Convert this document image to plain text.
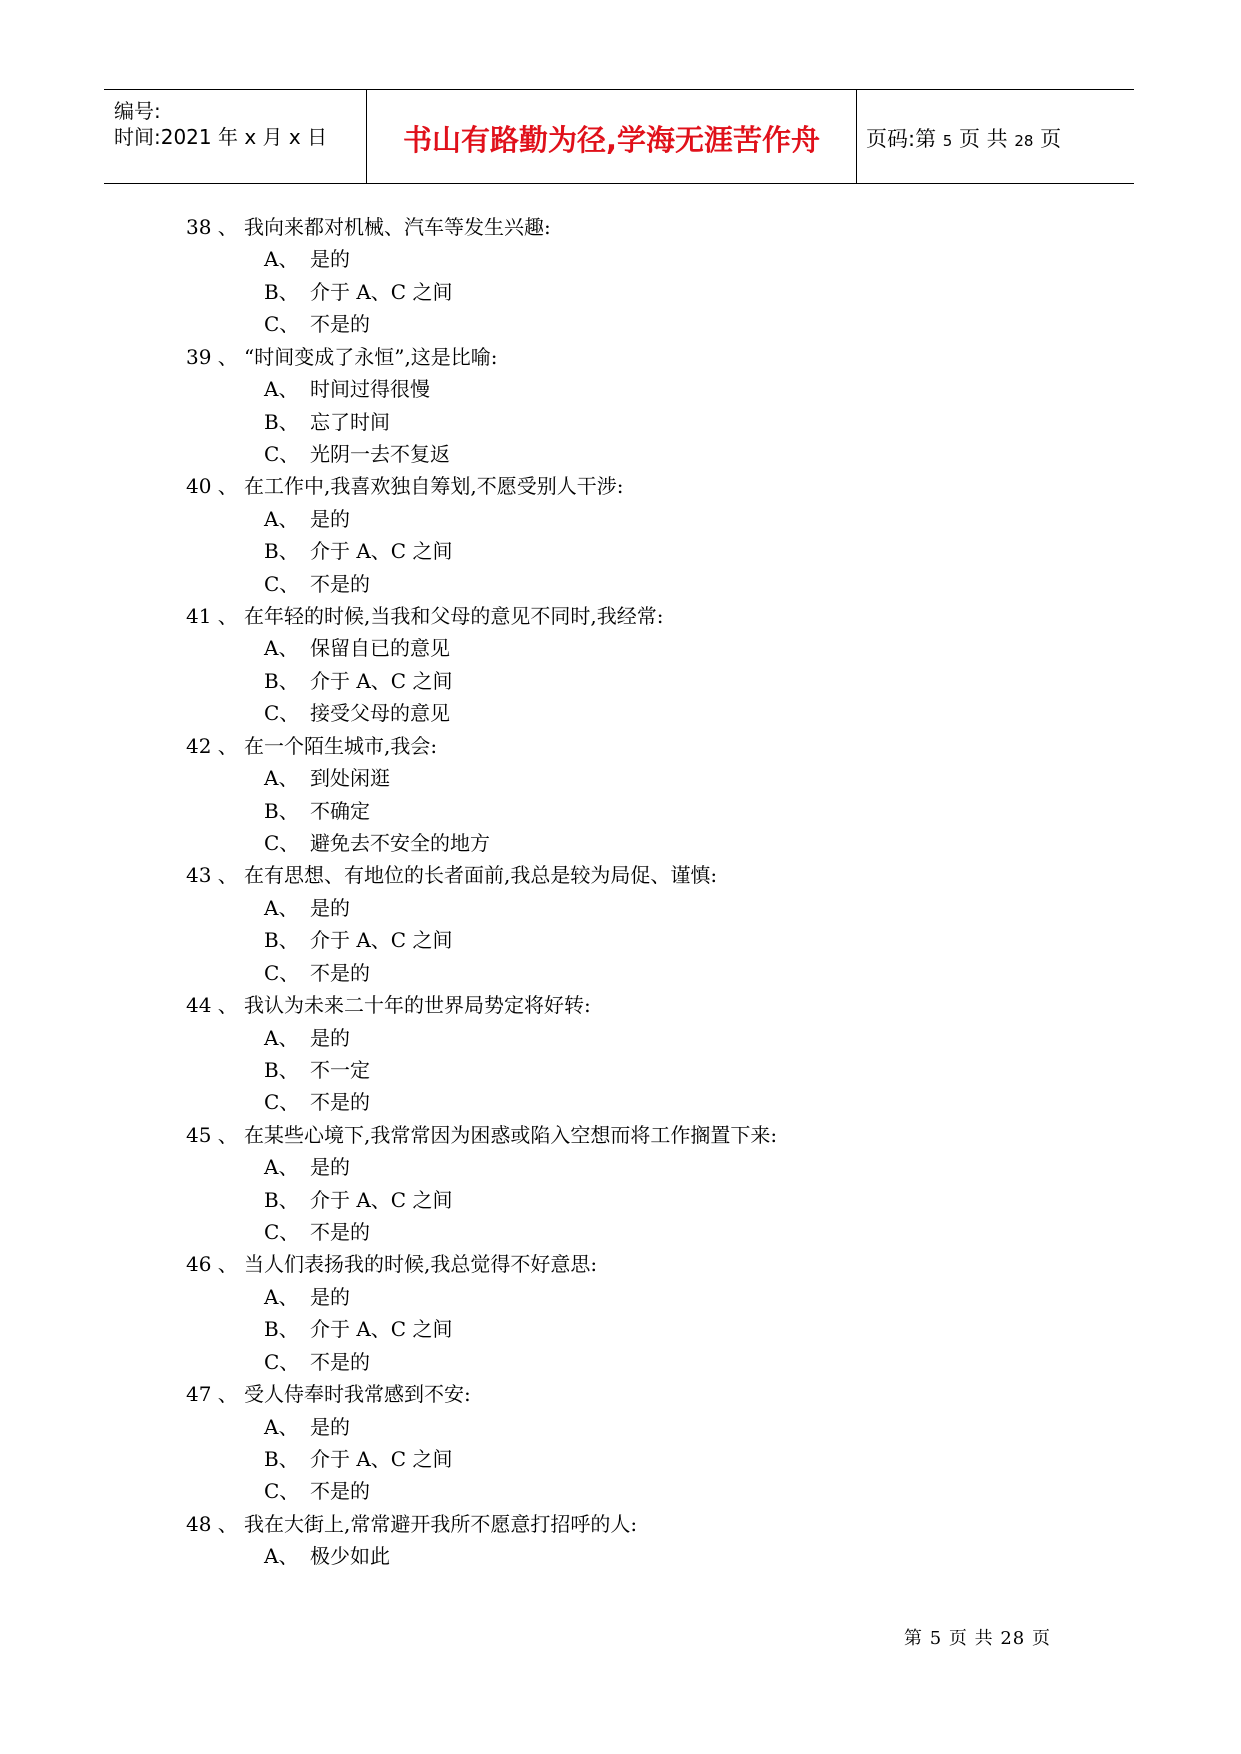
编号:
时间:2021 年 x 月 x 日	书山有路勤为径,学海无涯苦作舟	页码:第 5 页 共 28 页
38 、 我向来都对机械、汽车等发生兴趣:
A、 是的
B、 介于 A、C 之间
C、 不是的
39 、 “时间变成了永恒”,这是比喻:
A、 时间过得很慢
B、 忘了时间
C、 光阴一去不复返
40 、 在工作中,我喜欢独自筹划,不愿受别人干涉:
A、 是的
B、 介于 A、C 之间
C、 不是的
41 、 在年轻的时候,当我和父母的意见不同时,我经常:
A、 保留自已的意见
B、 介于 A、C 之间
C、 接受父母的意见
42 、 在一个陌生城市,我会:
A、 到处闲逛
B、 不确定
C、 避免去不安全的地方
43 、 在有思想、有地位的长者面前,我总是较为局促、谨慎:
A、 是的
B、 介于 A、C 之间
C、 不是的
44 、 我认为未来二十年的世界局势定将好转:
A、 是的
B、 不一定
C、 不是的
45 、 在某些心境下,我常常因为困惑或陷入空想而将工作搁置下来:
A、 是的
B、 介于 A、C 之间
C、 不是的
46 、 当人们表扬我的时候,我总觉得不好意思:
A、 是的
B、 介于 A、C 之间
C、 不是的
47 、 受人侍奉时我常感到不安:
A、 是的
B、 介于 A、C 之间
C、 不是的
48 、 我在大街上,常常避开我所不愿意打招呼的人:
A、 极少如此
第 5 页 共 28 页
